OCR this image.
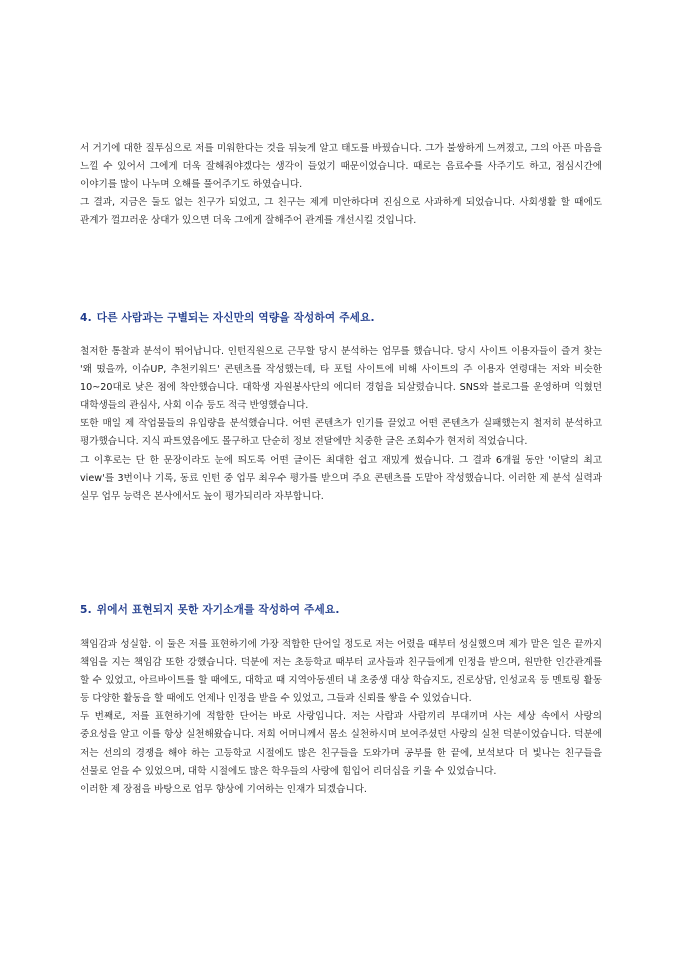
서 거기에 대한 질투심으로 저를 미워한다는 것을 뒤늦게 알고 태도를 바꿨습니다. 그가 불쌍하게 느껴졌고, 그의 아픈 마음을 느낄 수 있어서 그에게 더욱 잘해줘야겠다는 생각이 들었기 때문이었습니다. 때로는 음료수를 사주기도 하고, 점심시간에 이야기를 많이 나누며 오해를 풀어주기도 하였습니다.

그 결과, 지금은 둘도 없는 친구가 되었고, 그 친구는 제게 미안하다며 진심으로 사과하게 되었습니다. 사회생활 할 때에도 관계가 껄끄러운 상대가 있으면 더욱 그에게 잘해주어 관계를 개선시킬 것입니다.

4. 다른 사람과는 구별되는 자신만의 역량을 작성하여 주세요.

철저한 통찰과 분석이 뛰어납니다. 인턴직원으로 근무할 당시 분석하는 업무를 했습니다. 당시 사이트 이용자들이 즐겨 찾는 '왜 떴을까, 이슈UP, 추천키워드' 콘텐츠를 작성했는데, 타 포털 사이트에 비해 사이트의 주 이용자 연령대는 저와 비슷한 10~20대로 낮은 점에 착안했습니다. 대학생 자원봉사단의 에디터 경험을 되살렸습니다. SNS와 블로그를 운영하며 익혔던 대학생들의 관심사, 사회 이슈 등도 적극 반영했습니다.

또한 매일 제 작업물들의 유입량을 분석했습니다. 어떤 콘텐츠가 인기를 끌었고 어떤 콘텐츠가 실패했는지 철저히 분석하고 평가했습니다. 지식 파트였음에도 몰구하고 단순히 정보 전달에만 치중한 글은 조회수가 현저히 적었습니다.

그 이후로는 단 한 문장이라도 눈에 띄도록 어떤 글이든 최대한 쉽고 재밌게 썼습니다. 그 결과 6개월 동안 '이달의 최고 view'를 3번이나 기록, 동료 인턴 중 업무 최우수 평가를 받으며 주요 콘텐츠를 도맡아 작성했습니다. 이러한 제 분석 실력과 실무 업무 능력은 본사에서도 높이 평가되리라 자부합니다.

5. 위에서 표현되지 못한 자기소개를 작성하여 주세요.

책임감과 성실함. 이 둘은 저를 표현하기에 가장 적합한 단어일 정도로 저는 어렸을 때부터 성실했으며 제가 맡은 일은 끝까지 책임을 지는 책임감 또한 강했습니다. 덕분에 저는 초등학교 때부터 교사들과 친구들에게 인정을 받으며, 원만한 인간관계를 할 수 있었고, 아르바이트를 할 때에도, 대학교 때 지역아동센터 내 초중생 대상 학습지도, 진로상담, 인성교육 등 멘토링 활동 등 다양한 활동을 할 때에도 언제나 인정을 받을 수 있었고, 그들과 신뢰를 쌓을 수 있었습니다.

두 번째로, 저를 표현하기에 적합한 단어는 바로 사랑입니다. 저는 사람과 사람끼리 부대끼며 사는 세상 속에서 사랑의 중요성을 알고 이를 항상 실천해왔습니다. 저희 어머니께서 몸소 실천하시며 보여주셨던 사랑의 실천 덕분이었습니다. 덕분에 저는 선의의 경쟁을 해야 하는 고등학교 시절에도 많은 친구들을 도와가며 공부를 한 끝에, 보석보다 더 빛나는 친구들을 선물로 얻을 수 있었으며, 대학 시절에도 많은 학우들의 사랑에 힘입어 리더십을 키울 수 있었습니다.

이러한 제 장점을 바탕으로 업무 향상에 기여하는 인재가 되겠습니다.
